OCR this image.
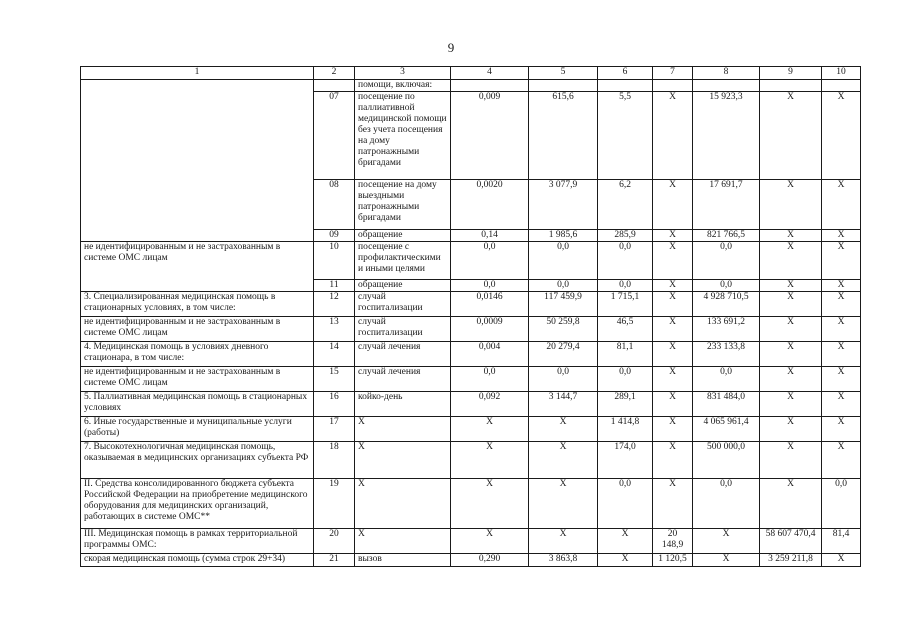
9
1	2	3	4	5	6	7	8	9	10
		помощи, включая:							
	07	посещение по паллиативной медицинской помощи без учета посещения на дому патронажными бригадами	0,009	615,6	5,5	X	15 923,3	X	X
	08	посещение на дому выездными патронажными бригадами	0,0020	3 077,9	6,2	X	17 691,7	X	X
	09	обращение	0,14	1 985,6	285,9	X	821 766,5	X	X
не идентифицированным и не застрахованным в системе ОМС лицам	10	посещение с профилактическими и иными целями	0,0	0,0	0,0	X	0,0	X	X
	11	обращение	0,0	0,0	0,0	X	0,0	X	X
3. Специализированная медицинская помощь в стационарных условиях, в том числе:	12	случай госпитализации	0,0146	117 459,9	1 715,1	X	4 928 710,5	X	X
не идентифицированным и не застрахованным в системе ОМС лицам	13	случай госпитализации	0,0009	50 259,8	46,5	X	133 691,2	X	X
4. Медицинская помощь в условиях дневного стационара, в том числе:	14	случай лечения	0,004	20 279,4	81,1	X	233 133,8	X	X
не идентифицированным и не застрахованным в системе ОМС лицам	15	случай лечения	0,0	0,0	0,0	X	0,0	X	X
5. Паллиативная медицинская помощь в стационарных условиях	16	койко-день	0,092	3 144,7	289,1	X	831 484,0	X	X
6. Иные государственные и муниципальные услуги (работы)	17	X	X	X	1 414,8	X	4 065 961,4	X	X
7. Высокотехнологичная медицинская помощь, оказываемая в медицинских организациях субъекта РФ	18	X	X	X	174,0	X	500 000,0	X	X
II. Средства консолидированного бюджета субъекта Российской Федерации на приобретение медицинского оборудования для медицинских организаций, работающих в системе ОМС**	19	X	X	X	0,0	X	0,0	X	0,0
III. Медицинская помощь в рамках территориальной программы ОМС:	20	X	X	X	X	20 148,9	X	58 607 470,4	81,4
скорая медицинская помощь (сумма строк 29+34)	21	вызов	0,290	3 863,8	X	1 120,5	X	3 259 211,8	X
